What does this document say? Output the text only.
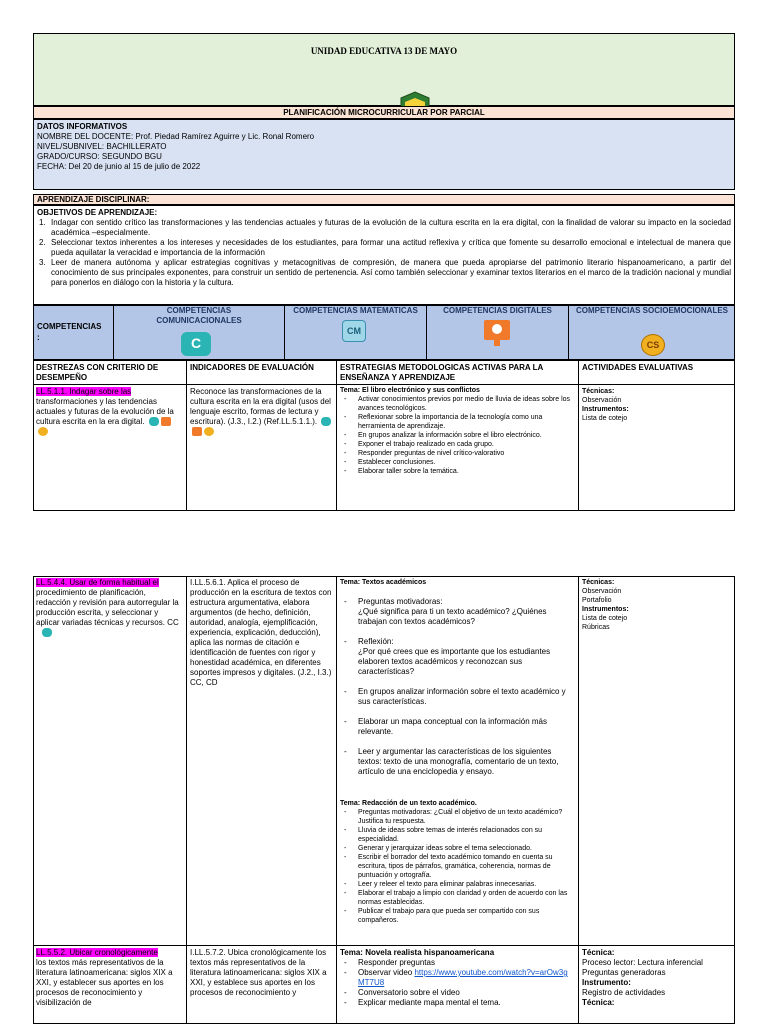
UNIDAD EDUCATIVA 13 DE MAYO
PLANIFICACIÓN MICROCURRICULAR POR PARCIAL
DATOS INFORMATIVOS
NOMBRE DEL DOCENTE: Prof. Piedad Ramírez Aguirre y Lic. Ronal Romero
NIVEL/SUBNIVEL: BACHILLERATO
GRADO/CURSO: SEGUNDO BGU
FECHA: Del 20 de junio al 15 de julio de 2022
APRENDIZAJE DISCIPLINAR:
OBJETIVOS DE APRENDIZAJE:
1. Indagar con sentido crítico las transformaciones y las tendencias actuales y futuras de la evolución de la cultura escrita en la era digital, con la finalidad de valorar su impacto en la sociedad académica –especialmente.
2. Seleccionar textos inherentes a los intereses y necesidades de los estudiantes, para formar una actitud reflexiva y crítica que fomente su desarrollo emocional e intelectual de manera que pueda aquilatar la veracidad e importancia de la información
3. Leer de manera autónoma y aplicar estrategias cognitivas y metacognitivas de compresión, de manera que pueda apropiarse del patrimonio literario hispanoamericano, a partir del conocimiento de sus principales exponentes, para construir un sentido de pertenencia. Así como también seleccionar y examinar textos literarios en el marco de la tradición nacional y mundial para ponerlos en diálogo con la historia y la cultura.
COMPETENCIAS
:
COMPETENCIAS COMUNICACIONALES
C
COMPETENCIAS MATEMATICAS
CM
COMPETENCIAS DIGITALES	COMPETENCIAS SOCIOEMOCIONALES
CS
DESTREZAS CON CRITERIO DE DESEMPEÑO
INDICADORES DE EVALUACIÓN	ESTRATEGIAS METODOLOGICAS ACTIVAS PARA LA ENSEÑANZA Y APRENDIZAJE
ACTIVIDADES EVALUATIVAS
LL.5.1.1. Indagar sobre las
transformaciones y las tendencias actuales y futuras de la evolución de la cultura escrita en la era digital.
Reconoce las transformaciones de la cultura escrita en la era digital (usos del lenguaje escrito, formas de lectura y escritura). (J.3., I.2.) (Ref.LL.5.1.1.).
Tema: El libro electrónico y sus conflictos
- Activar conocimientos previos por medio de lluvia de ideas sobre los avances tecnológicos.
- Reflexionar sobre la importancia de la tecnología como una herramienta de aprendizaje.
- En grupos analizar la información sobre el libro electrónico.
- Exponer el trabajo realizado en cada grupo.
- Responder preguntas de nivel crítico-valorativo
- Establecer conclusiones.
- Elaborar taller sobre la temática.
Técnicas:
Observación
Instrumentos:
Lista de cotejo
LL.5.4.4. Usar de forma habitual el
procedimiento de planificación, redacción y revisión para autorregular la producción escrita, y seleccionar y aplicar variadas técnicas y recursos. CC
I.LL.5.6.1. Aplica el proceso de producción en la escritura de textos con estructura argumentativa, elabora argumentos (de hecho, definición, autoridad, analogía, ejemplificación, experiencia, explicación, deducción), aplica las normas de citación e identificación de fuentes con rigor y honestidad académica, en diferentes soportes impresos y digitales. (J.2., I.3.) CC, CD
Tema: Textos académicos

- Preguntas motivadoras:
¿Qué significa para ti un texto académico? ¿Quiénes trabajan con textos académicos?

- Reflexión:
¿Por qué crees que es importante que los estudiantes elaboren textos académicos y reconozcan sus características?

- En grupos analizar información sobre el texto académico y sus características.

- Elaborar un mapa conceptual con la información más relevante.

- Leer y argumentar las características de los siguientes textos: texto de una monografía, comentario de un texto, artículo de una enciclopedia y ensayo.

Tema: Redacción de un texto académico.
- Preguntas motivadoras: ¿Cuál el objetivo de un texto académico? Justifica tu respuesta.
- Lluvia de ideas sobre temas de interés relacionados con su especialidad.
- Generar y jerarquizar ideas sobre el tema seleccionado.
- Escribir el borrador del texto académico tomando en cuenta su escritura, tipos de párrafos, gramática, coherencia, normas de puntuación y ortografía.
- Leer y releer el texto para eliminar palabras innecesarias.
- Elaborar el trabajo a limpio con claridad y orden de acuerdo con las normas establecidas.
- Publicar el trabajo para que pueda ser compartido con sus compañeros.
Técnicas:
Observación
Portafolio
Instrumentos:
Lista de cotejo
Rúbricas
LL.5.5.2. Ubicar cronológicamente
los textos más representativos de la literatura latinoamericana: siglos XIX a XXI, y establecer sus aportes en los procesos de reconocimiento y visibilización de
I.LL.5.7.2. Ubica cronológicamente los textos más representativos de la literatura latinoamericana: siglos XIX a XXI, y establece sus aportes en los procesos de reconocimiento y
Tema: Novela realista hispanoamericana
- Responder preguntas
- Observar video https://www.youtube.com/watch?v=arOw3gMT7U8
- Conversatorio sobre el video
- Explicar mediante mapa mental el tema.
Técnica:
Proceso lector: Lectura inferencial
Preguntas generadoras
Instrumento:
Registro de actividades
Técnica:
